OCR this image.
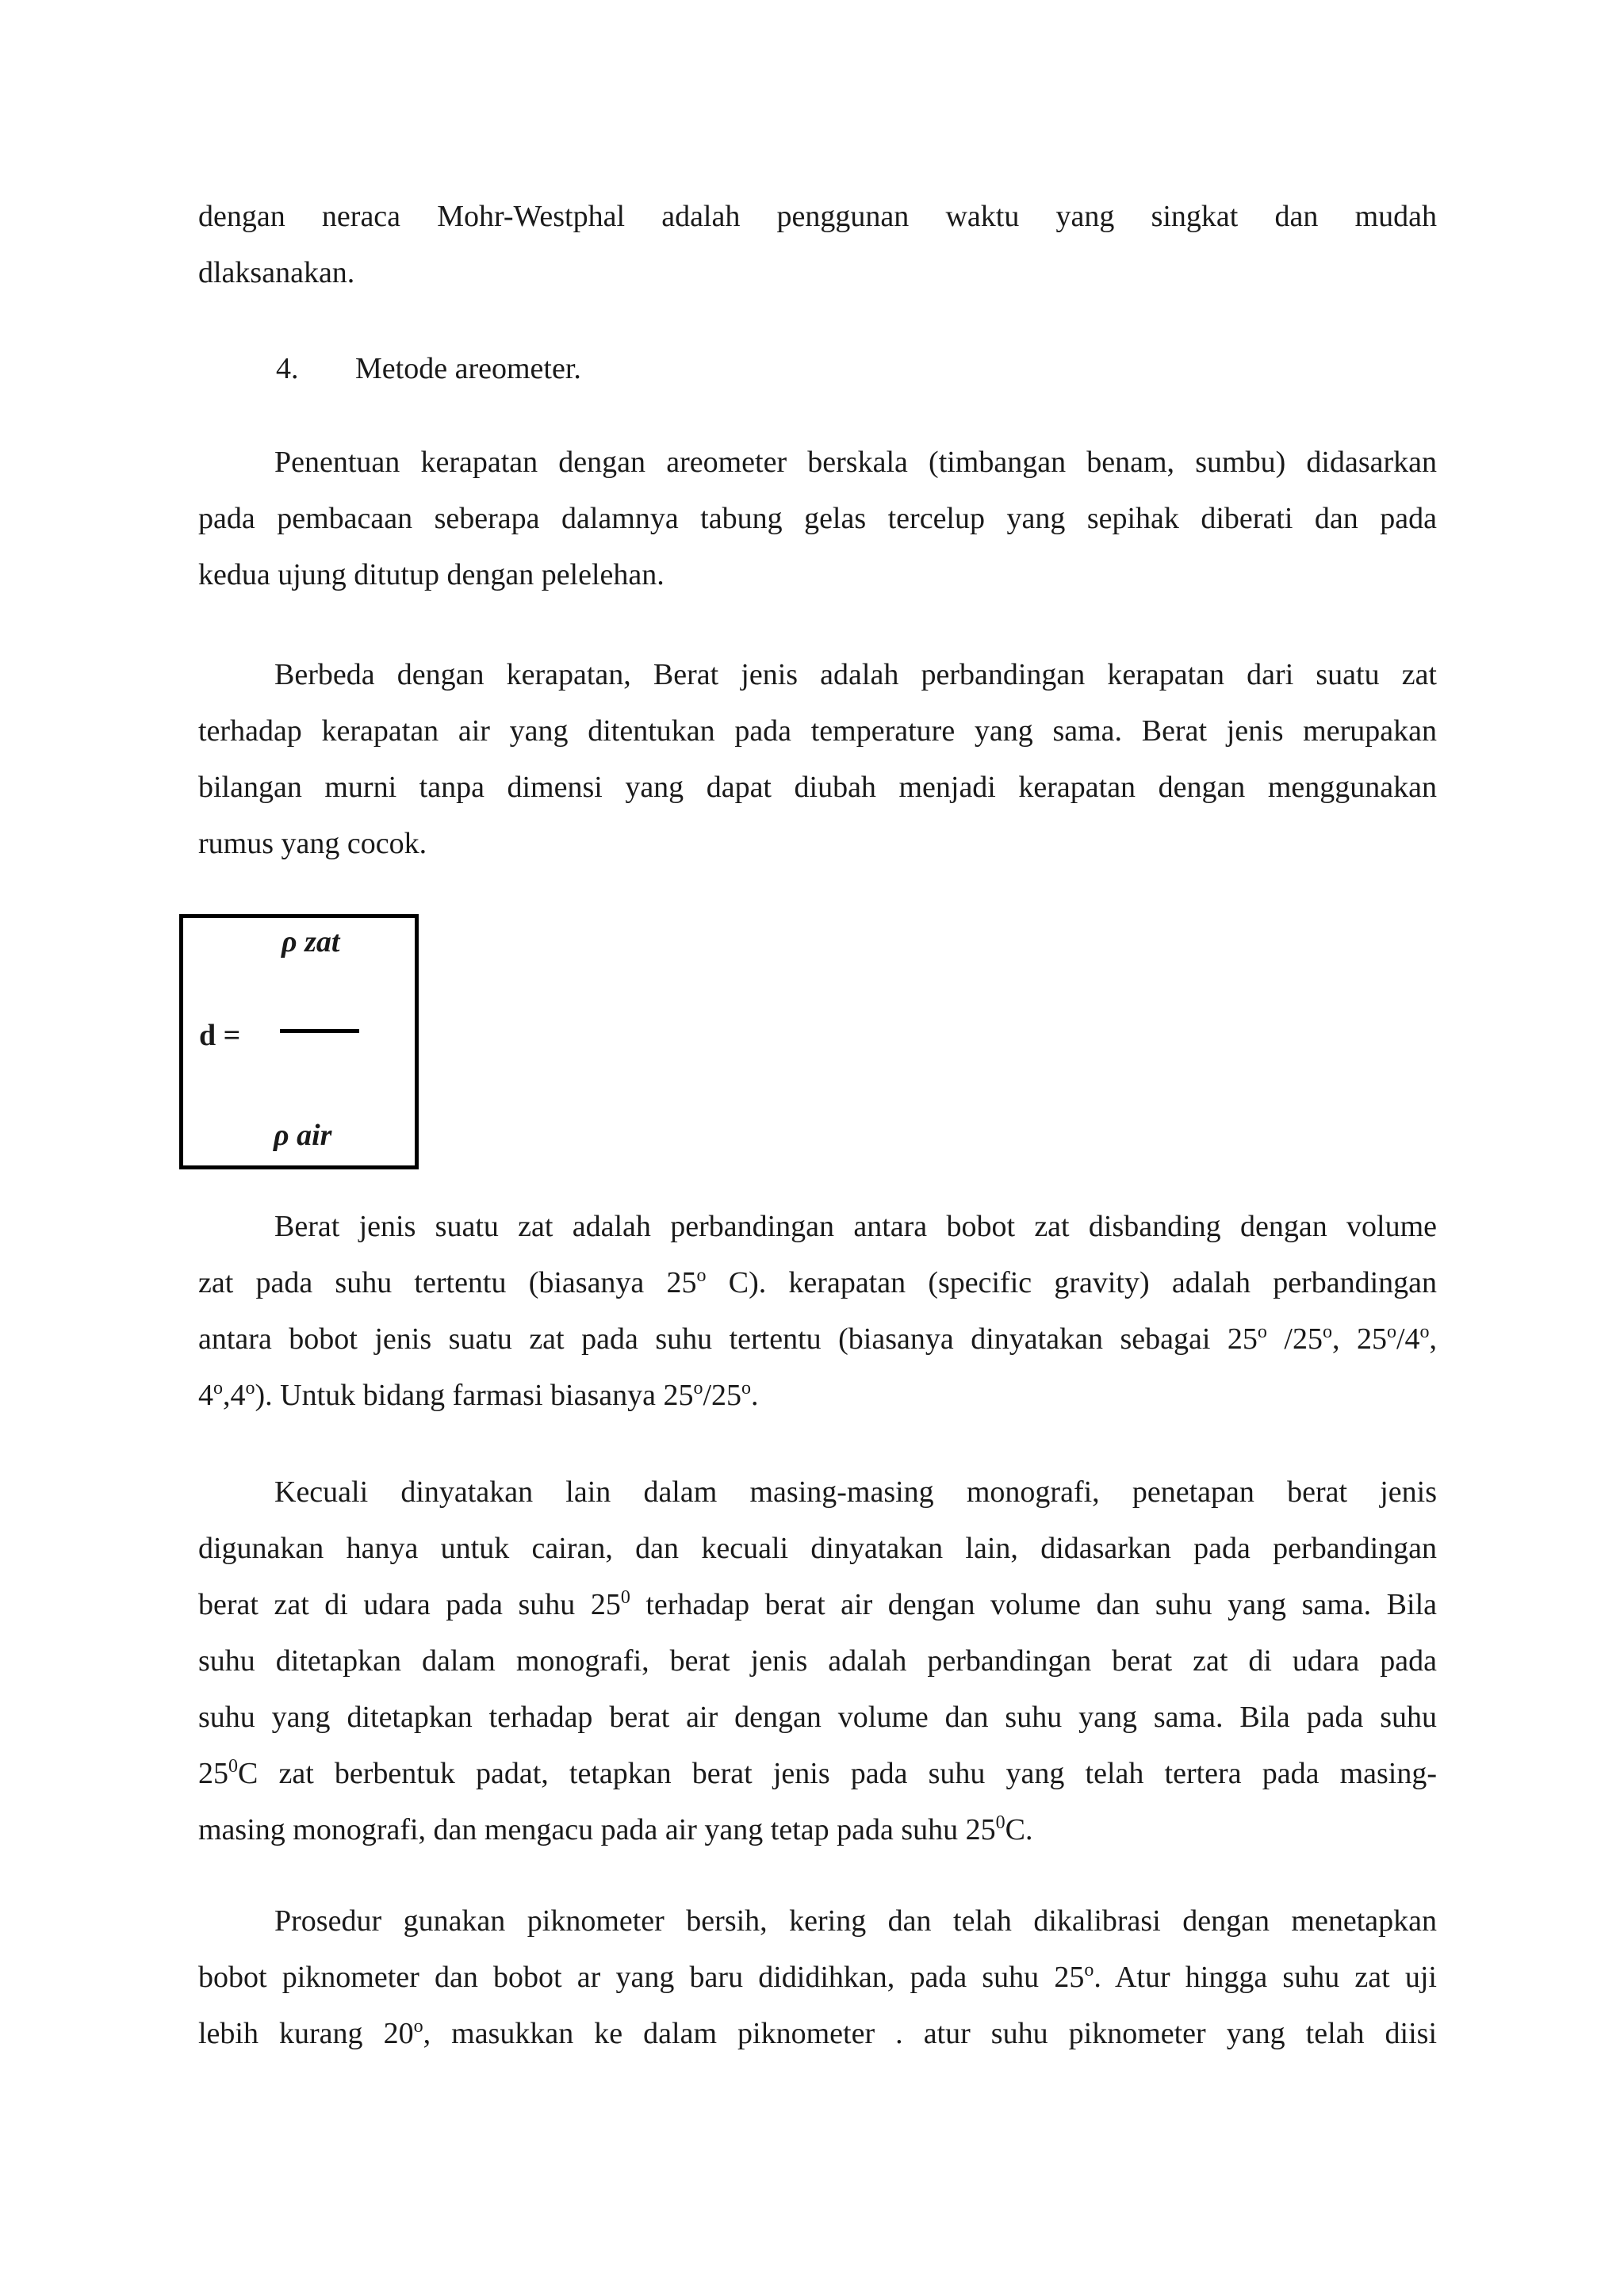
dengan neraca Mohr-Westphal adalah penggunan waktu yang singkat dan mudah
dlaksanakan.
4. Metode areometer.
Penentuan kerapatan dengan areometer berskala (timbangan benam, sumbu) didasarkan
pada pembacaan seberapa dalamnya tabung gelas tercelup yang sepihak diberati dan pada
kedua ujung ditutup dengan pelelehan.
Berbeda dengan kerapatan, Berat jenis adalah perbandingan kerapatan dari suatu zat
terhadap kerapatan air yang ditentukan pada temperature yang sama. Berat jenis merupakan
bilangan murni tanpa dimensi yang dapat diubah menjadi kerapatan dengan menggunakan
rumus yang cocok.
ρ zat
d =
ρ air
Berat jenis suatu zat adalah perbandingan antara bobot zat disbanding dengan volume
zat pada suhu tertentu (biasanya 25$^o$ C). kerapatan (specific gravity) adalah perbandingan
antara bobot jenis suatu zat pada suhu tertentu (biasanya dinyatakan sebagai 25$^o$ /25$^o$, 25$^o$/4$^o$,
4$^o$,4$^o$). Untuk bidang farmasi biasanya 25$^o$/25$^o$.
Kecuali dinyatakan lain dalam masing-masing monografi, penetapan berat jenis
digunakan hanya untuk cairan, dan kecuali dinyatakan lain, didasarkan pada perbandingan
berat zat di udara pada suhu $25^0$ terhadap berat air dengan volume dan suhu yang sama. Bila
suhu ditetapkan dalam monografi, berat jenis adalah perbandingan berat zat di udara pada
suhu yang ditetapkan terhadap berat air dengan volume dan suhu yang sama. Bila pada suhu
$25^0C$ zat berbentuk padat, tetapkan berat jenis pada suhu yang telah tertera pada masing-
masing monografi, dan mengacu pada air yang tetap pada suhu $25^0C$.
Prosedur gunakan piknometer bersih, kering dan telah dikalibrasi dengan menetapkan
bobot piknometer dan bobot ar yang baru dididihkan, pada suhu 25$^o$. Atur hingga suhu zat uji
lebih kurang 20$^o$, masukkan ke dalam piknometer . atur suhu piknometer yang telah diisi
